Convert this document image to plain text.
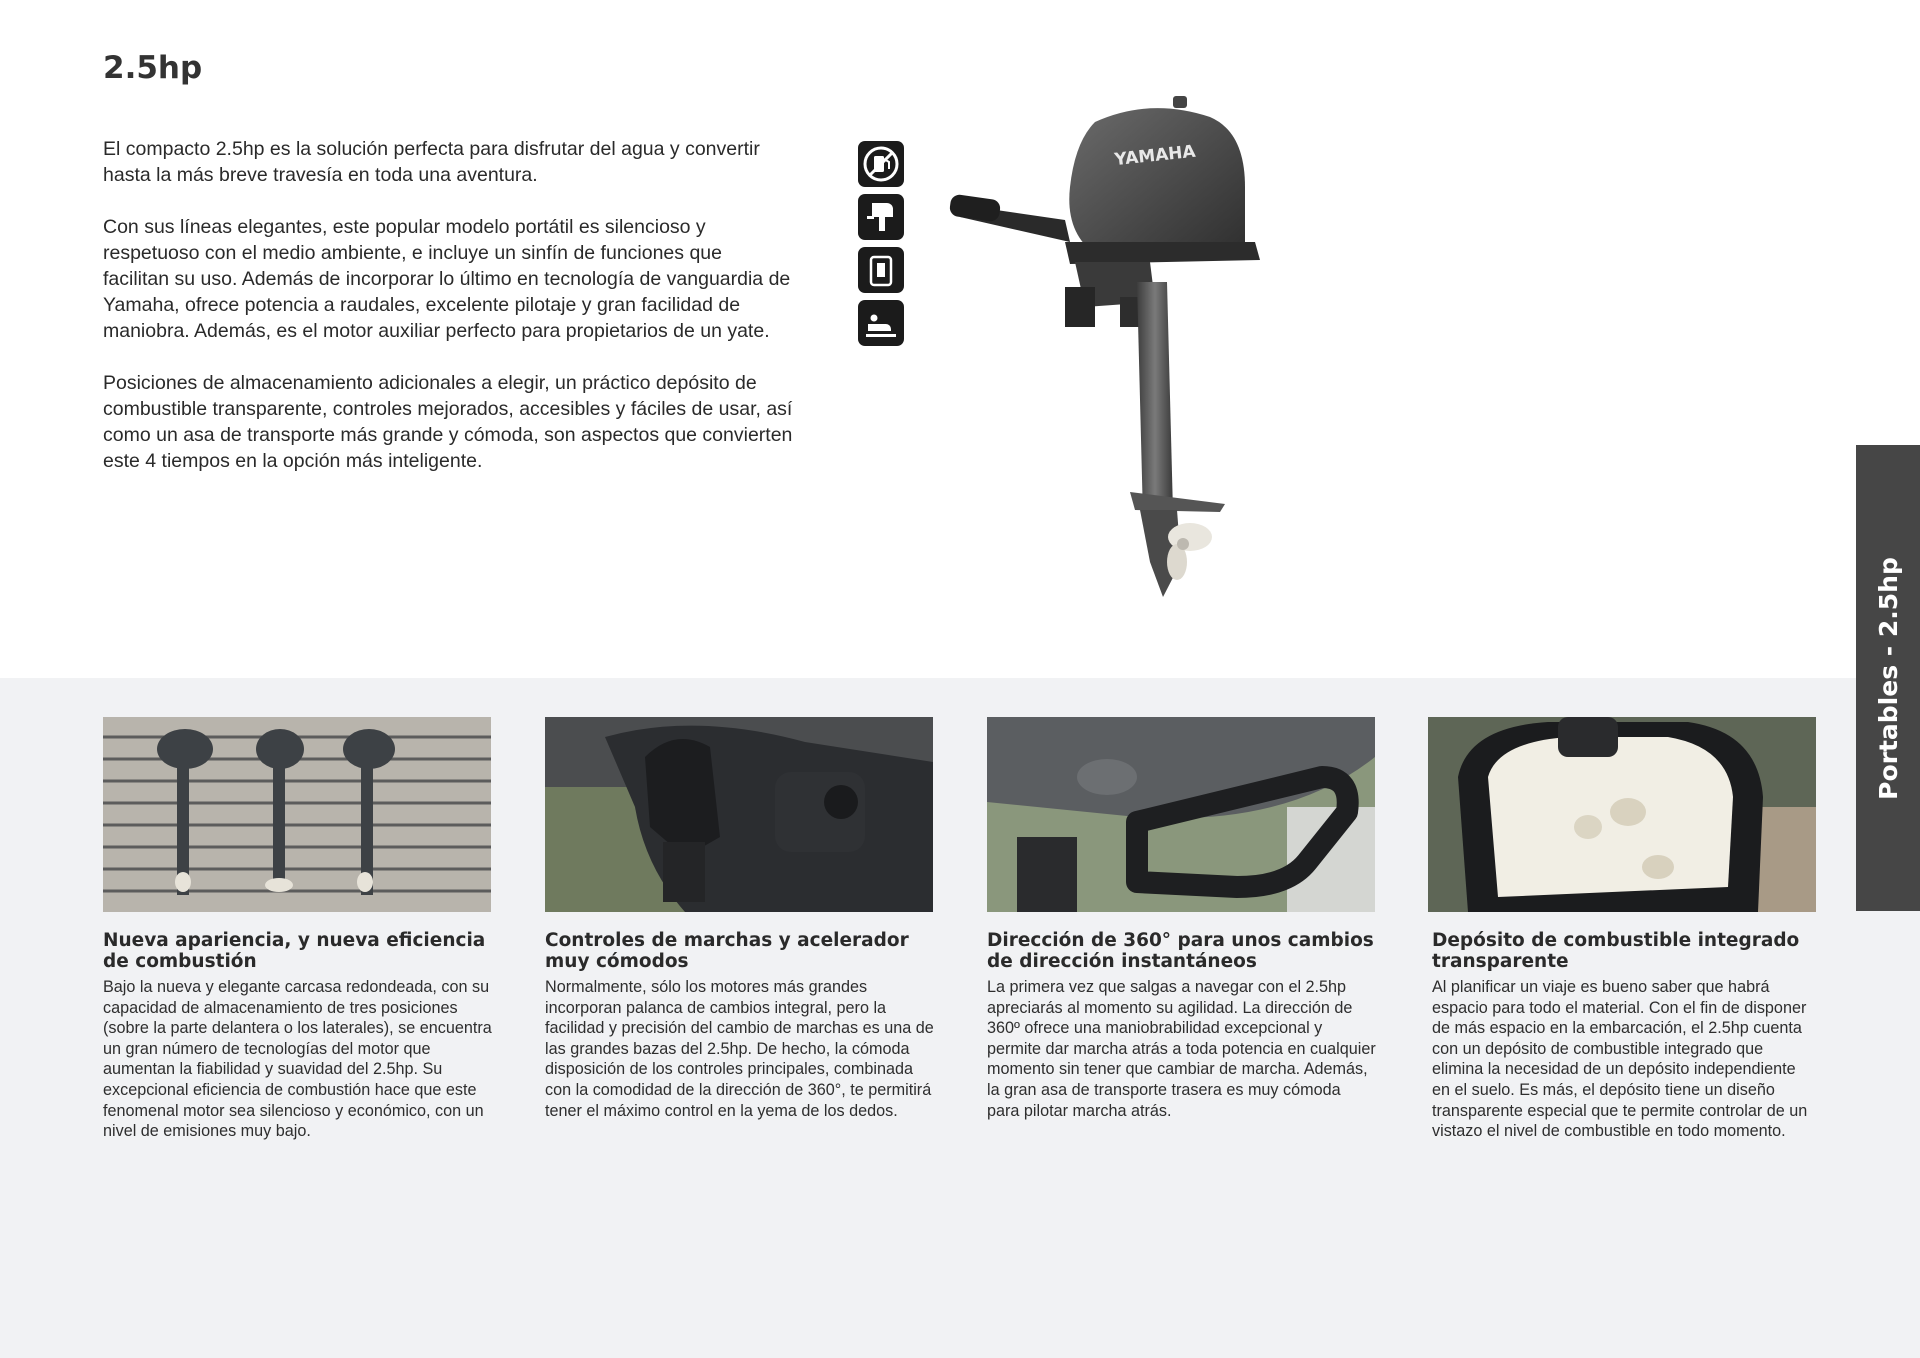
2.5hp

El compacto 2.5hp es la solución perfecta para disfrutar del agua y convertir hasta la más breve travesía en toda una aventura.

Con sus líneas elegantes, este popular modelo portátil es silencioso y respetuoso con el medio ambiente, e incluye un sinfín de funciones que facilitan su uso. Además de incorporar lo último en tecnología de vanguardia de Yamaha, ofrece potencia a raudales, excelente pilotaje y gran facilidad de maniobra. Además, es el motor auxiliar perfecto para propietarios de un yate.

Posiciones de almacenamiento adicionales a elegir, un práctico depósito de combustible transparente, controles mejorados, accesibles y fáciles de usar, así como un asa de transporte más grande y cómoda, son aspectos que convierten este 4 tiempos en la opción más inteligente.

YAMAHA
Portables - 2.5hp
Nueva apariencia, y nueva eficiencia de combustión

Bajo la nueva y elegante carcasa redondeada, con su capacidad de almacenamiento de tres posiciones (sobre la parte delantera o los laterales), se encuentra un gran número de tecnologías del motor que aumentan la fiabilidad y suavidad del 2.5hp. Su excepcional eficiencia de combustión hace que este fenomenal motor sea silencioso y económico, con un nivel de emisiones muy bajo.

Controles de marchas y acelerador muy cómodos

Normalmente, sólo los motores más grandes incorporan palanca de cambios integral, pero la facilidad y precisión del cambio de marchas es una de las grandes bazas del 2.5hp. De hecho, la cómoda disposición de los controles principales, combinada con la comodidad de la dirección de 360°, te permitirá tener el máximo control en la yema de los dedos.

Dirección de 360° para unos cambios de dirección instantáneos

La primera vez que salgas a navegar con el 2.5hp apreciarás al momento su agilidad. La dirección de 360º ofrece una maniobrabilidad excepcional y permite dar marcha atrás a toda potencia en cualquier momento sin tener que cambiar de marcha. Además, la gran asa de transporte trasera es muy cómoda para pilotar marcha atrás.

Depósito de combustible integrado transparente

Al planificar un viaje es bueno saber que habrá espacio para todo el material. Con el fin de disponer de más espacio en la embarcación, el 2.5hp cuenta con un depósito de combustible integrado que elimina la necesidad de un depósito independiente en el suelo. Es más, el depósito tiene un diseño transparente especial que te permite controlar de un vistazo el nivel de combustible en todo momento.
